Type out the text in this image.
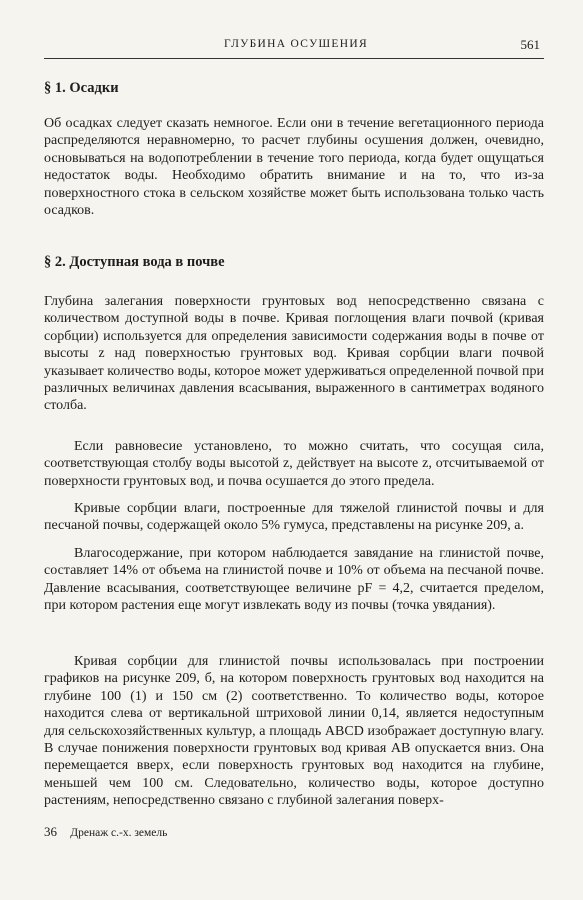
ГЛУБИНА ОСУШЕНИЯ	561
§ 1. Осадки

Об осадках следует сказать немногое. Если они в течение вегетационного периода распределяются неравномерно, то расчет глубины осушения должен, очевидно, основываться на водопотреблении в течение того периода, когда будет ощущаться недостаток воды. Необходимо обратить внимание и на то, что из-за поверхностного стока в сельском хозяйстве может быть использована только часть осадков.

§ 2. Доступная вода в почве

Глубина залегания поверхности грунтовых вод непосредственно связана с количеством доступной воды в почве. Кривая поглощения влаги почвой (кривая сорбции) используется для определения зависимости содержания воды в почве от высоты z над поверхностью грунтовых вод. Кривая сорбции влаги почвой указывает количество воды, которое может удерживаться определенной почвой при различных величинах давления всасывания, выраженного в сантиметрах водяного столба.

Если равновесие установлено, то можно считать, что сосущая сила, соответствующая столбу воды высотой z, действует на высоте z, отсчитываемой от поверхности грунтовых вод, и почва осушается до этого предела.

Кривые сорбции влаги, построенные для тяжелой глинистой почвы и для песчаной почвы, содержащей около 5% гумуса, представлены на рисунке 209, а.

Влагосодержание, при котором наблюдается завядание на глинистой почве, составляет 14% от объема на глинистой почве и 10% от объема на песчаной почве. Давление всасывания, соответствующее величине pF = 4,2, считается пределом, при котором растения еще могут извлекать воду из почвы (точка увядания).

Кривая сорбции для глинистой почвы использовалась при построении графиков на рисунке 209, б, на котором поверхность грунтовых вод находится на глубине 100 (1) и 150 см (2) соответственно. То количество воды, которое находится слева от вертикальной штриховой линии 0,14, является недоступным для сельскохозяйственных культур, а площадь ABCD изображает доступную влагу. В случае понижения поверхности грунтовых вод кривая AB опускается вниз. Она перемещается вверх, если поверхность грунтовых вод находится на глубине, меньшей чем 100 см. Следовательно, количество воды, которое доступно растениям, непосредственно связано с глубиной залегания поверх-

36 Дренаж с.-х. земель
